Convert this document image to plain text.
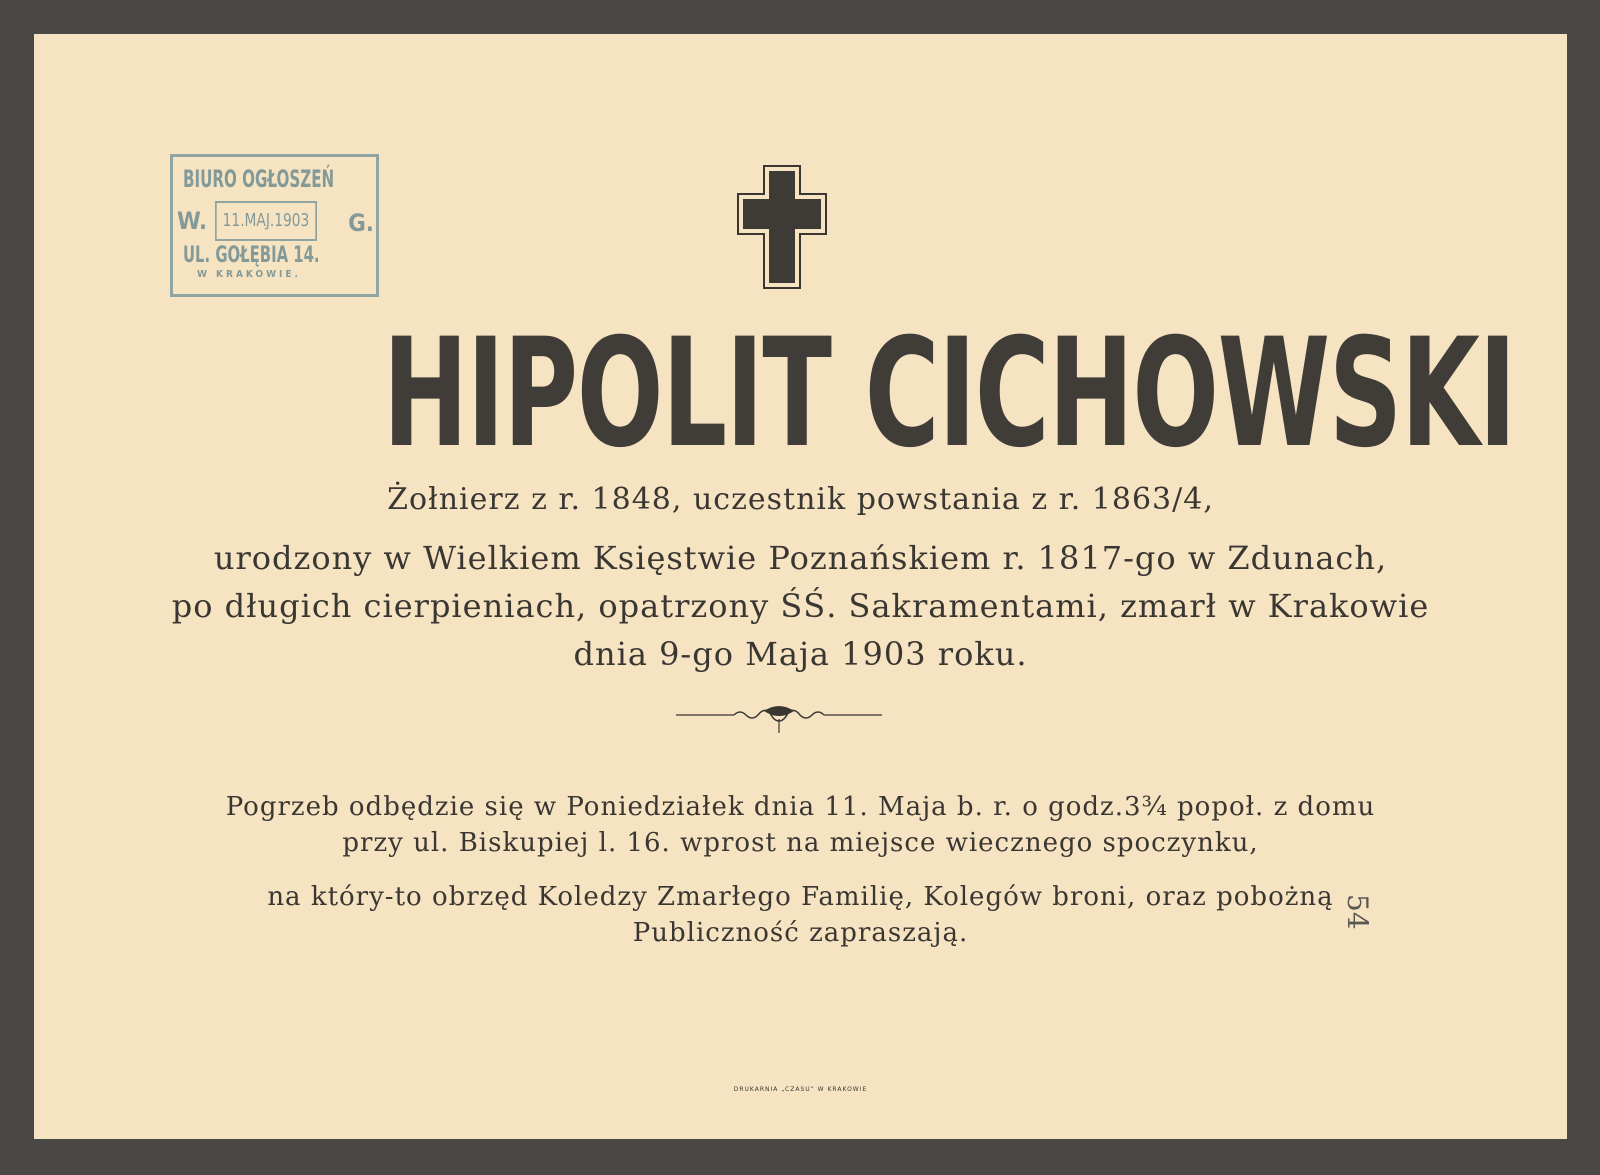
BIURO OGŁOSZEŃ
W. 11.MAJ.1903	G.
UL. GOŁĘBIA 14.
W KRAKOWIE.
HIPOLIT CICHOWSKI
Żołnierz z r. 1848, uczestnik powstania z r. 1863/4,
urodzony w Wielkiem Księstwie Poznańskiem r. 1817-go w Zdunach,
po długich cierpieniach, opatrzony ŚŚ. Sakramentami, zmarł w Krakowie
dnia 9-go Maja 1903 roku.
Pogrzeb odbędzie się w Poniedziałek dnia 11. Maja b. r. o godz.3¾ popoł. z domu
przy ul. Biskupiej l. 16. wprost na miejsce wiecznego spoczynku,
na który-to obrzęd Koledzy Zmarłego Familię, Kolegów broni, oraz pobożną
Publiczność zapraszają.
54
DRUKARNIA „CZASU” W KRAKOWIE
